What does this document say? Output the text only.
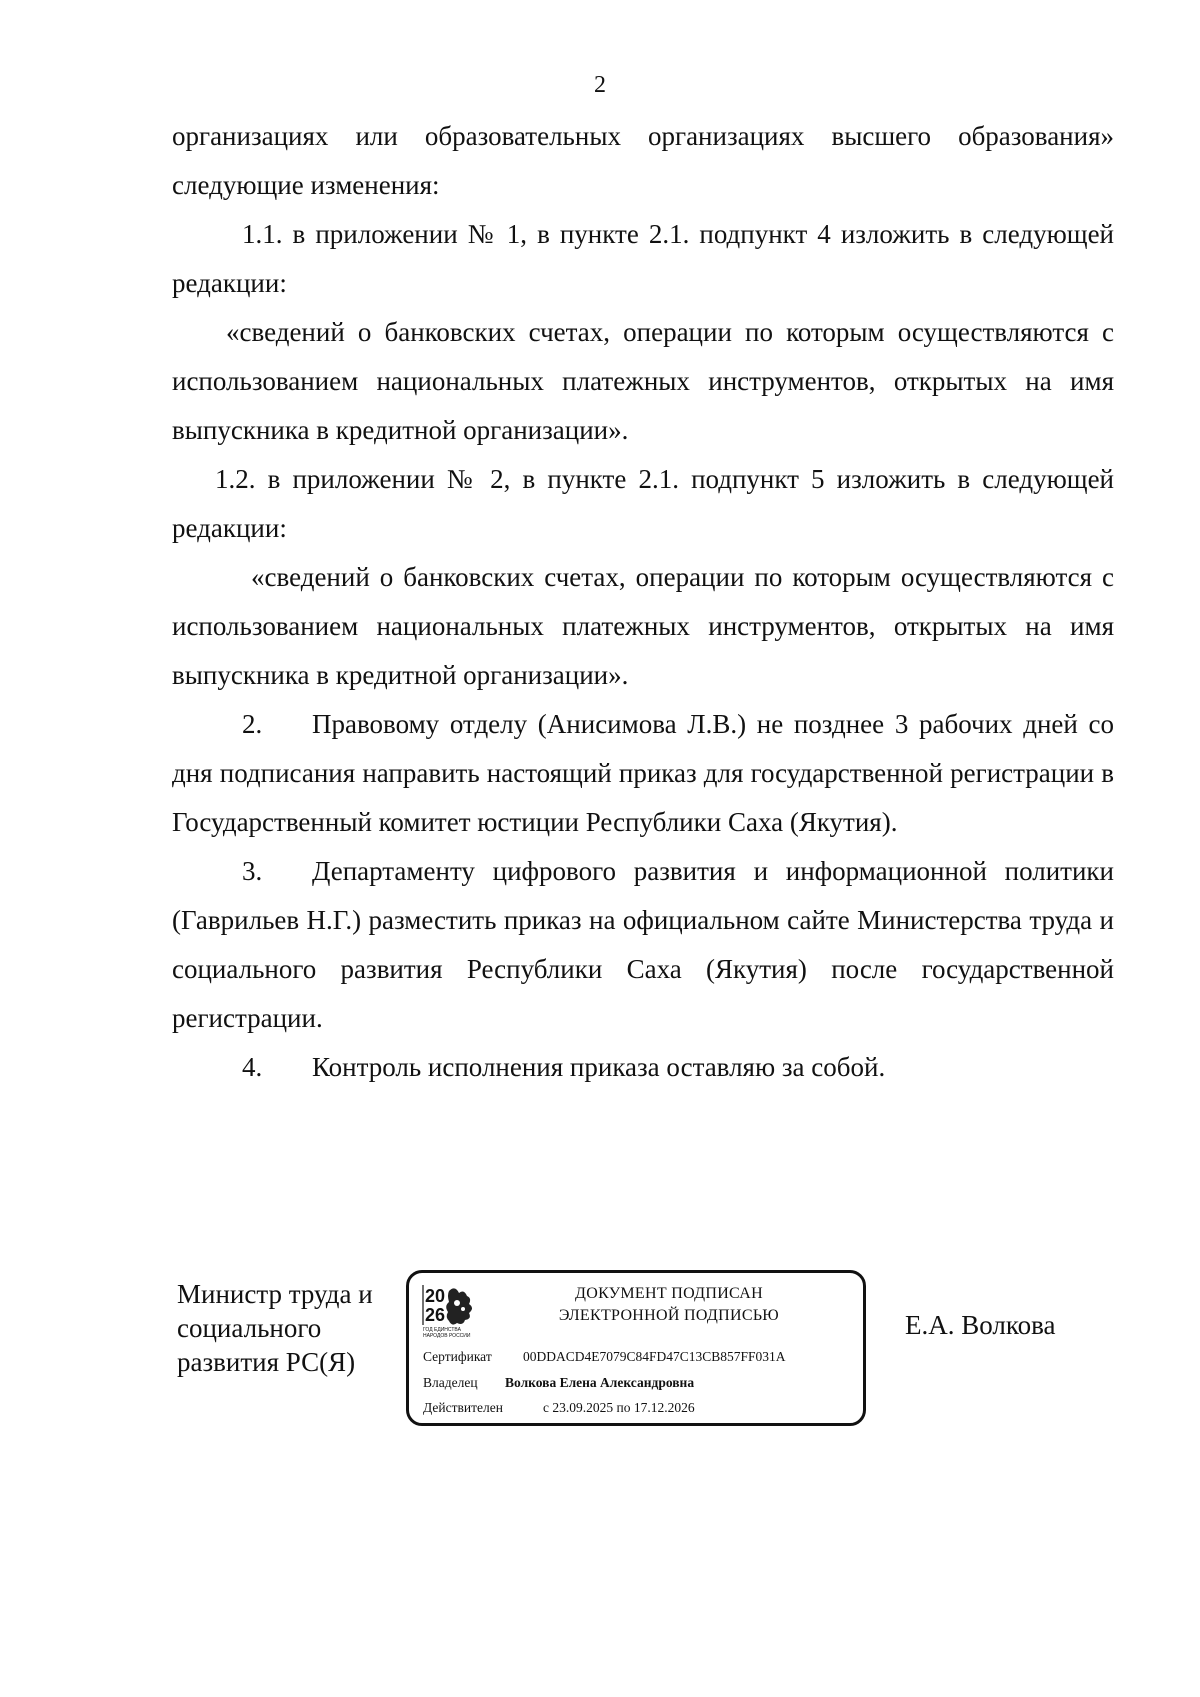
2

организациях или образовательных организациях высшего образования» следующие изменения:

1.1. в приложении № 1, в пункте 2.1. подпункт 4 изложить в следующей редакции:

«сведений о банковских счетах, операции по которым осуществляются с использованием национальных платежных инструментов, открытых на имя выпускника в кредитной организации».

1.2. в приложении № 2, в пункте 2.1. подпункт 5 изложить в следующей редакции:

«сведений о банковских счетах, операции по которым осуществляются с использованием национальных платежных инструментов, открытых на имя выпускника в кредитной организации».

2. Правовому отделу (Анисимова Л.В.) не позднее 3 рабочих дней со дня подписания направить настоящий приказ для государственной регистрации в Государственный комитет юстиции Республики Саха (Якутия).

3. Департаменту цифрового развития и информационной политики (Гаврильев Н.Г.) разместить приказ на официальном сайте Министерства труда и социального развития Республики Саха (Якутия) после государственной регистрации.

4. Контроль исполнения приказа оставляю за собой.

Министр труда и
социального
развития РС(Я)
20
26
ГОД ЕДИНСТВА
НАРОДОВ РОССИИ
ДОКУМЕНТ ПОДПИСАН
ЭЛЕКТРОННОЙ ПОДПИСЬЮ
Сертификат 00DDACD4E7079C84FD47C13CB857FF031A
Владелец Волкова Елена Александровна
Действителен	с 23.09.2025 по 17.12.2026
Е.А. Волкова
